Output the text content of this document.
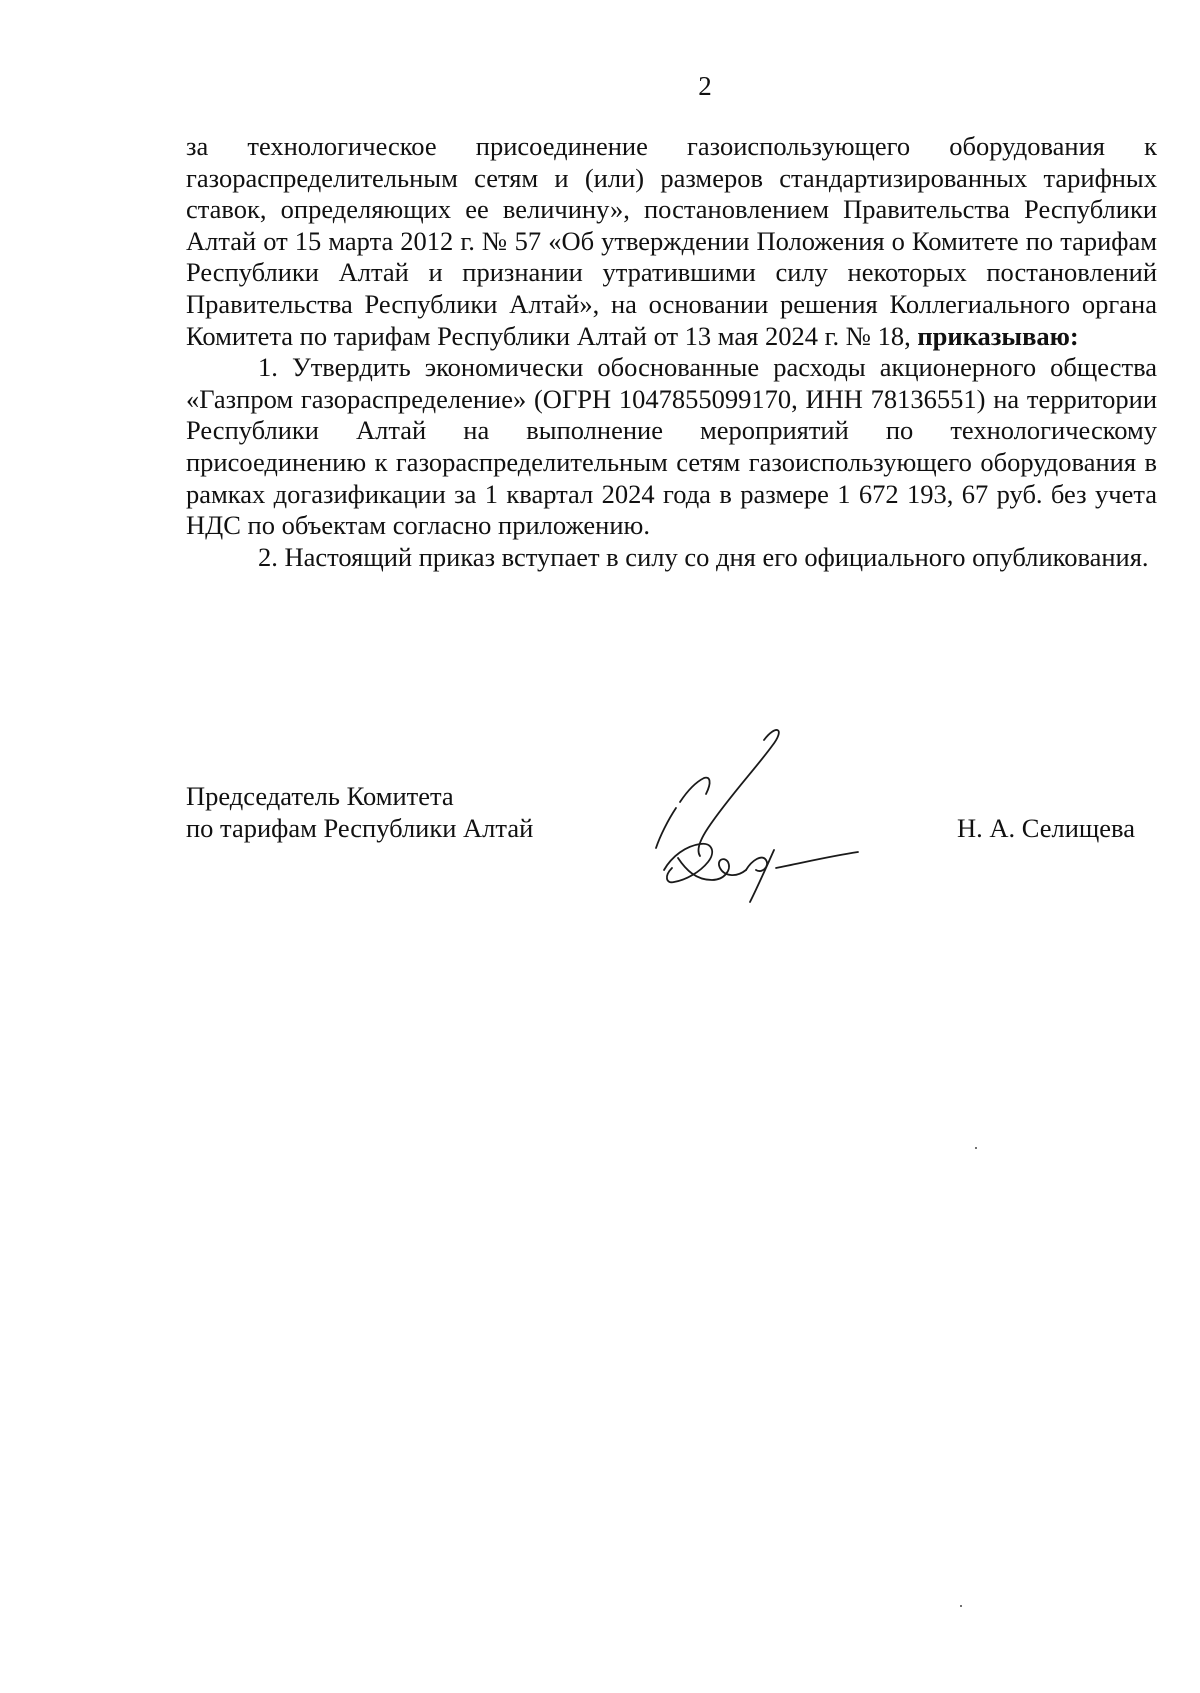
2

за технологическое присоединение газоиспользующего оборудования к газораспределительным сетям и (или) размеров стандартизированных тарифных ставок, определяющих ее величину», постановлением Правительства Республики Алтай от 15 марта 2012 г. № 57 «Об утверждении Положения о Комитете по тарифам Республики Алтай и признании утратившими силу некоторых постановлений Правительства Республики Алтай», на основании решения Коллегиального органа Комитета по тарифам Республики Алтай от 13 мая 2024 г. № 18, приказываю:

1. Утвердить экономически обоснованные расходы акционерного общества «Газпром газораспределение» (ОГРН 1047855099170, ИНН 78136551) на территории Республики Алтай на выполнение мероприятий по технологическому присоединению к газораспределительным сетям газоиспользующего оборудования в рамках догазификации за 1 квартал 2024 года в размере 1 672 193, 67 руб. без учета НДС по объектам согласно приложению.

2. Настоящий приказ вступает в силу со дня его официального опубликования.

Председатель Комитета
по тарифам Республики Алтай	Н. А. Селищева
